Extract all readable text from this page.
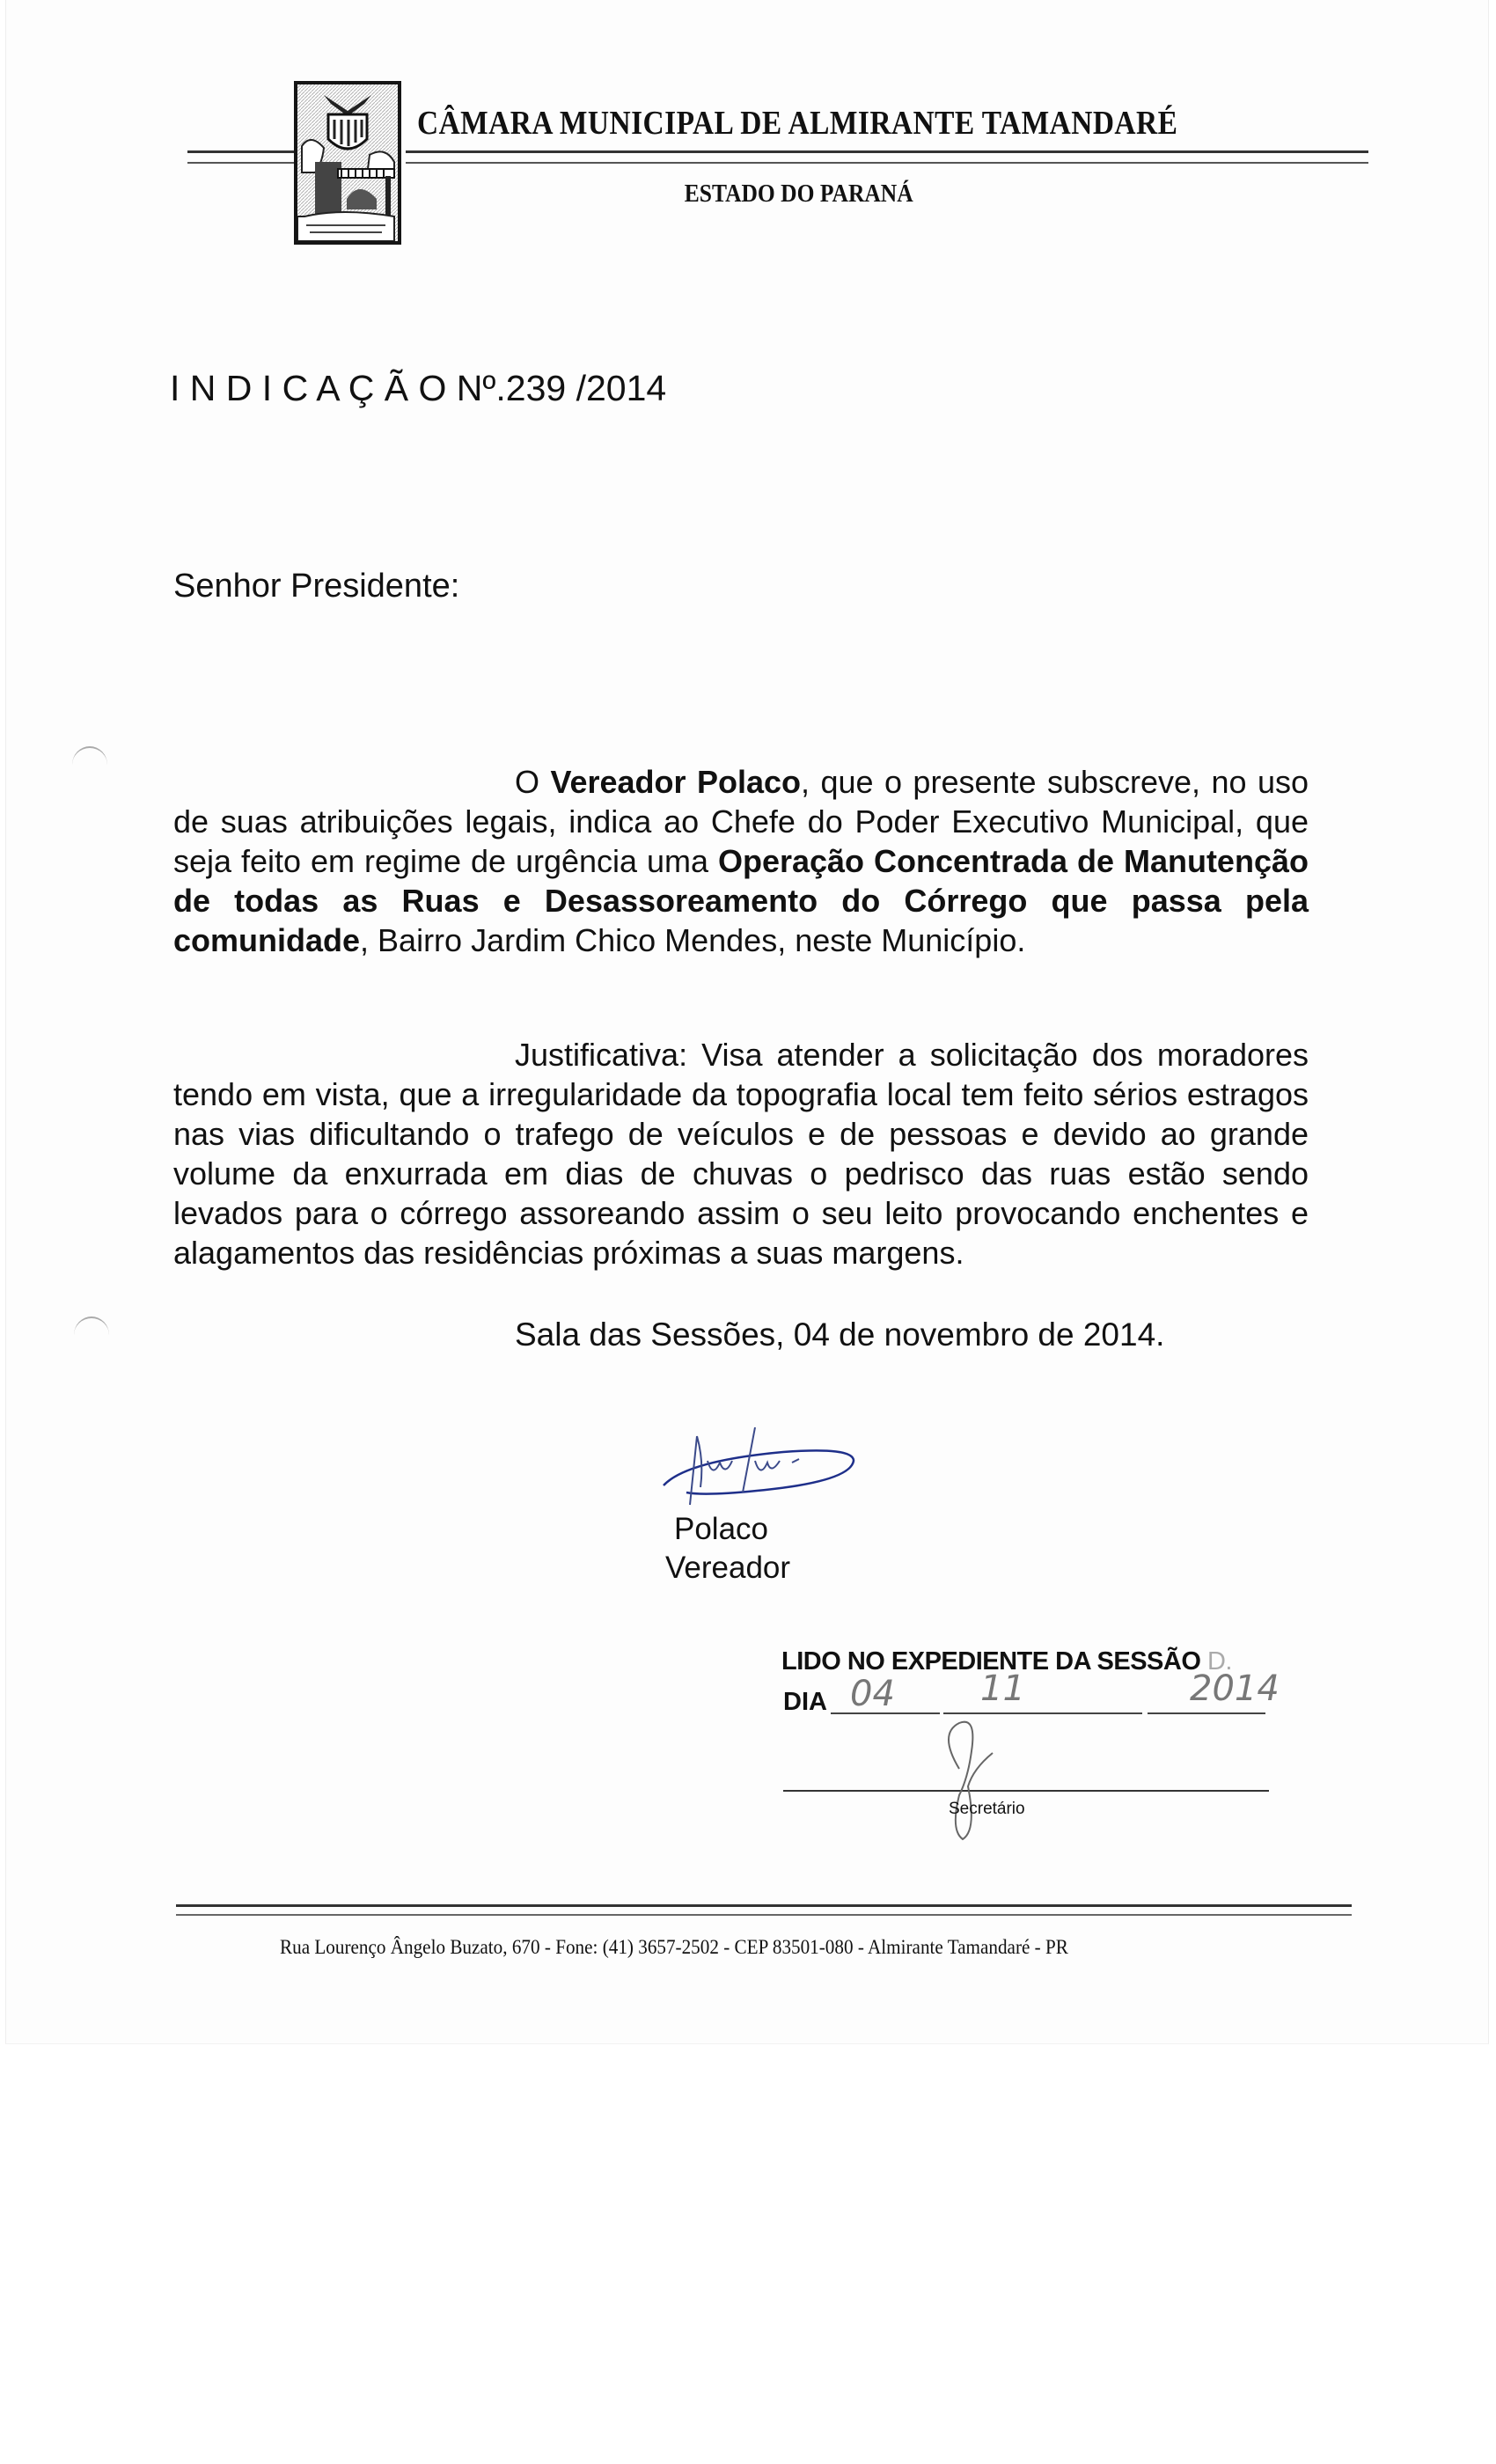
CÂMARA MUNICIPAL DE ALMIRANTE TAMANDARÉ
ESTADO DO PARANÁ
I N D I C A Ç Ã O Nº.239 /2014
Senhor Presidente:
O Vereador Polaco, que o presente subscreve, no uso de suas atribuições legais, indica ao Chefe do Poder Executivo Municipal, que seja feito em regime de urgência uma Operação Concentrada de Manutenção de todas as Ruas e Desassoreamento do Córrego que passa pela comunidade, Bairro Jardim Chico Mendes, neste Município.
Justificativa: Visa atender a solicitação dos moradores tendo em vista, que a irregularidade da topografia local tem feito sérios estragos nas vias dificultando o trafego de veículos e de pessoas e devido ao grande volume da enxurrada em dias de chuvas o pedrisco das ruas estão sendo levados para o córrego assoreando assim o seu leito provocando enchentes e alagamentos das residências próximas a suas margens.
Sala das Sessões, 04 de novembro de 2014.
Polaco
Vereador
LIDO NO EXPEDIENTE DA SESSÃO D.
DIA 04 11	2014
Secretário
Rua Lourenço Ângelo Buzato, 670 - Fone: (41) 3657-2502 - CEP 83501-080 - Almirante Tamandaré - PR
